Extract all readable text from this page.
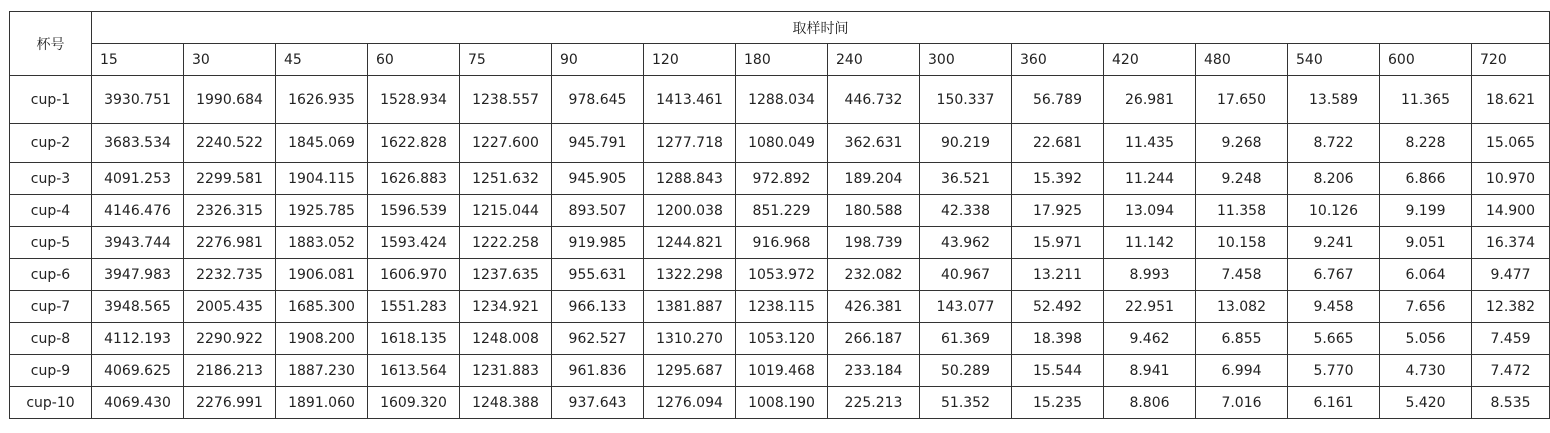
杯号	取样时间															
	15	30	45	60	75	90	120	180	240	300	360	420	480	540	600	720
cup-1	3930.751	1990.684	1626.935	1528.934	1238.557	978.645	1413.461	1288.034	446.732	150.337	56.789	26.981	17.650	13.589	11.365	18.621
cup-2	3683.534	2240.522	1845.069	1622.828	1227.600	945.791	1277.718	1080.049	362.631	90.219	22.681	11.435	9.268	8.722	8.228	15.065
cup-3	4091.253	2299.581	1904.115	1626.883	1251.632	945.905	1288.843	972.892	189.204	36.521	15.392	11.244	9.248	8.206	6.866	10.970
cup-4	4146.476	2326.315	1925.785	1596.539	1215.044	893.507	1200.038	851.229	180.588	42.338	17.925	13.094	11.358	10.126	9.199	14.900
cup-5	3943.744	2276.981	1883.052	1593.424	1222.258	919.985	1244.821	916.968	198.739	43.962	15.971	11.142	10.158	9.241	9.051	16.374
cup-6	3947.983	2232.735	1906.081	1606.970	1237.635	955.631	1322.298	1053.972	232.082	40.967	13.211	8.993	7.458	6.767	6.064	9.477
cup-7	3948.565	2005.435	1685.300	1551.283	1234.921	966.133	1381.887	1238.115	426.381	143.077	52.492	22.951	13.082	9.458	7.656	12.382
cup-8	4112.193	2290.922	1908.200	1618.135	1248.008	962.527	1310.270	1053.120	266.187	61.369	18.398	9.462	6.855	5.665	5.056	7.459
cup-9	4069.625	2186.213	1887.230	1613.564	1231.883	961.836	1295.687	1019.468	233.184	50.289	15.544	8.941	6.994	5.770	4.730	7.472
cup-10	4069.430	2276.991	1891.060	1609.320	1248.388	937.643	1276.094	1008.190	225.213	51.352	15.235	8.806	7.016	6.161	5.420	8.535
